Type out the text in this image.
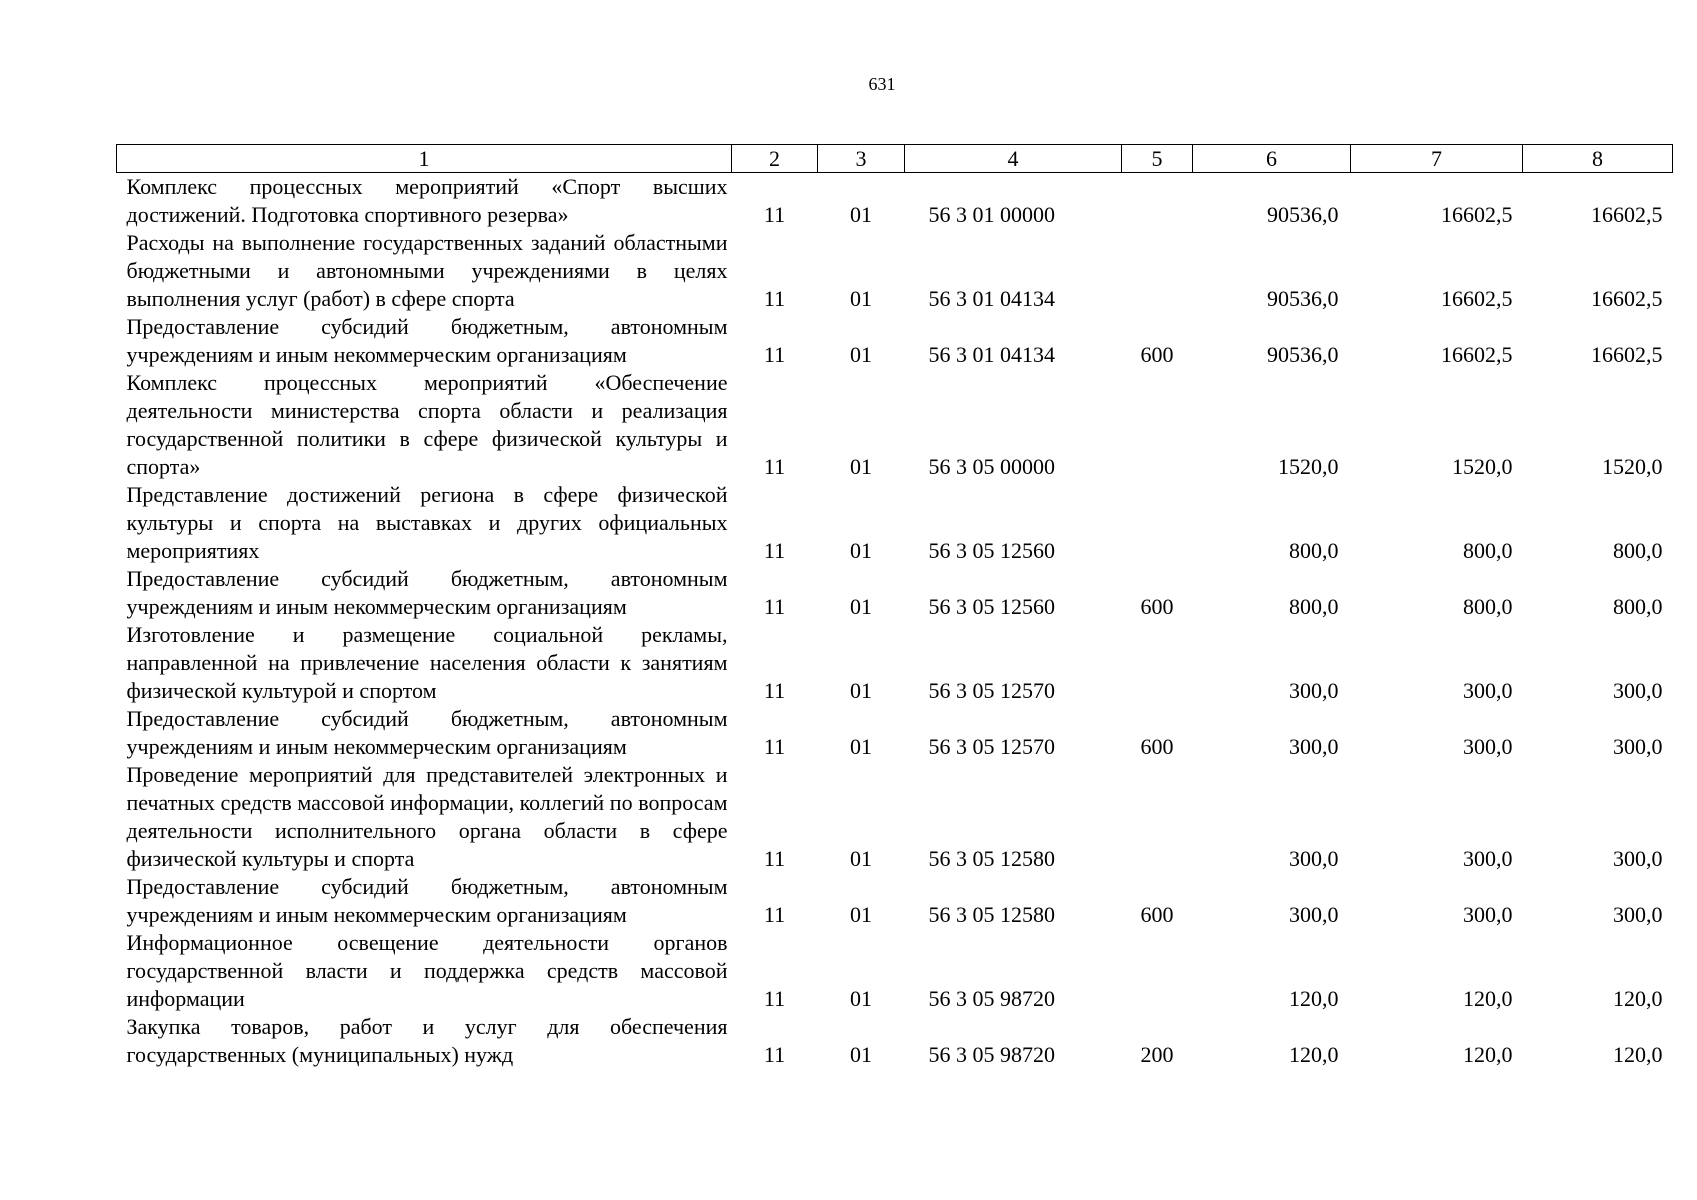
631
1	2	3	4	5	6	7	8
Комплекс процессных мероприятий «Спорт высших достижений. Подготовка спортивного резерва»	11	01	56 3 01 00000		90536,0	16602,5	16602,5
Расходы на выполнение государственных заданий областными бюджетными и автономными учреждениями в целях выполнения услуг (работ) в сфере спорта	11	01	56 3 01 04134		90536,0	16602,5	16602,5
Предоставление субсидий бюджетным, автономным учреждениям и иным некоммерческим организациям	11	01	56 3 01 04134	600	90536,0	16602,5	16602,5
Комплекс процессных мероприятий «Обеспечение деятельности министерства спорта области и реализация государственной политики в сфере физической культуры и спорта»	11	01	56 3 05 00000		1520,0	1520,0	1520,0
Представление достижений региона в сфере физической культуры и спорта на выставках и других официальных мероприятиях	11	01	56 3 05 12560		800,0	800,0	800,0
Предоставление субсидий бюджетным, автономным учреждениям и иным некоммерческим организациям	11	01	56 3 05 12560	600	800,0	800,0	800,0
Изготовление и размещение социальной рекламы, направленной на привлечение населения области к занятиям физической культурой и спортом	11	01	56 3 05 12570		300,0	300,0	300,0
Предоставление субсидий бюджетным, автономным учреждениям и иным некоммерческим организациям	11	01	56 3 05 12570	600	300,0	300,0	300,0
Проведение мероприятий для представителей электронных и печатных средств массовой информации, коллегий по вопросам деятельности исполнительного органа области в сфере физической культуры и спорта	11	01	56 3 05 12580		300,0	300,0	300,0
Предоставление субсидий бюджетным, автономным учреждениям и иным некоммерческим организациям	11	01	56 3 05 12580	600	300,0	300,0	300,0
Информационное освещение деятельности органов государственной власти и поддержка средств массовой информации	11	01	56 3 05 98720		120,0	120,0	120,0
Закупка товаров, работ и услуг для обеспечения государственных (муниципальных) нужд	11	01	56 3 05 98720	200	120,0	120,0	120,0
